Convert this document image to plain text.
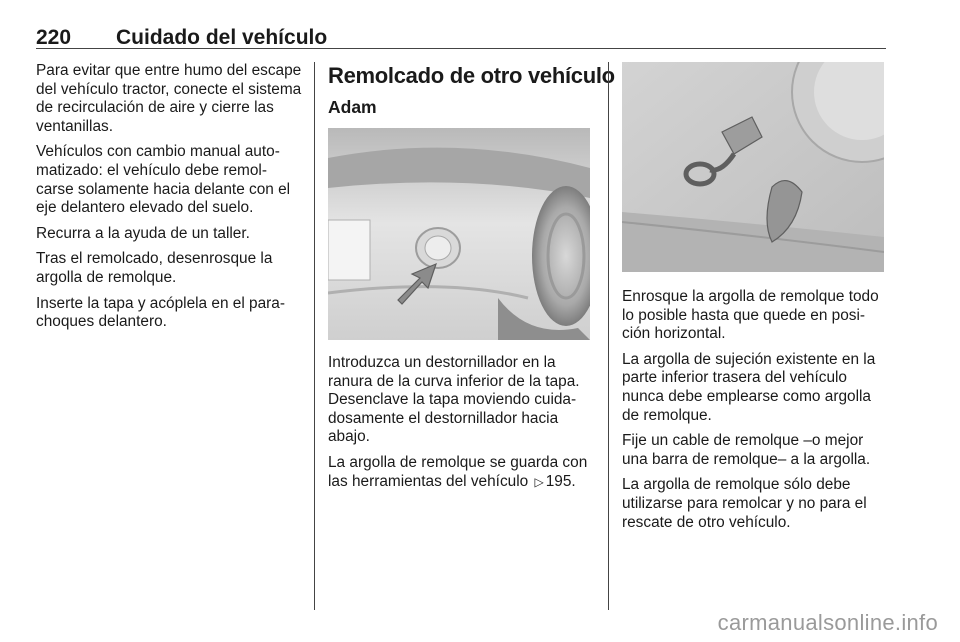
220 Cuidado del vehículo

Para evitar que entre humo del escape del vehículo tractor, conecte el sistema de recirculación de aire y cierre las ventanillas.

Vehículos con cambio manual auto-matizado: el vehículo debe remol-carse solamente hacia delante con el eje delantero elevado del suelo.

Recurra a la ayuda de un taller.

Tras el remolcado, desenrosque la argolla de remolque.

Inserte la tapa y acóplela en el para-choques delantero.

Remolcado de otro vehículo
Adam

Introduzca un destornillador en la ranura de la curva inferior de la tapa. Desenclave la tapa moviendo cuida-dosamente el destornillador hacia abajo.

La argolla de remolque se guarda con las herramientas del vehículo ▷ 195.

Enrosque la argolla de remolque todo lo posible hasta que quede en posi-ción horizontal.

La argolla de sujeción existente en la parte inferior trasera del vehículo nunca debe emplearse como argolla de remolque.

Fije un cable de remolque –o mejor una barra de remolque– a la argolla.

La argolla de remolque sólo debe utilizarse para remolcar y no para el rescate de otro vehículo.

carmanualsonline.info
